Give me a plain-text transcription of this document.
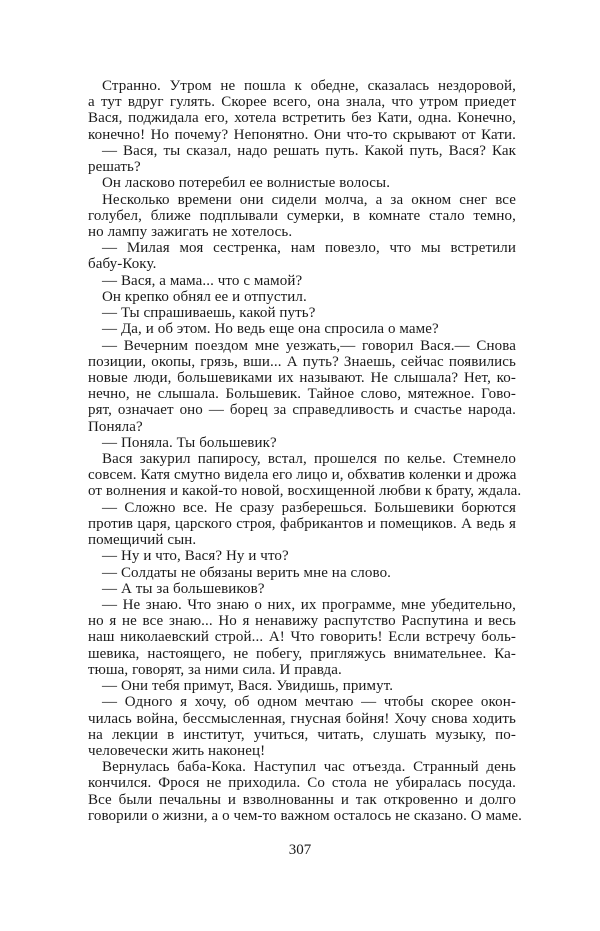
Странно. Утром не пошла к обедне, сказалась нездоровой,
а тут вдруг гулять. Скорее всего, она знала, что утром приедет
Вася, поджидала его, хотела встретить без Кати, одна. Конечно,
конечно! Но почему? Непонятно. Они что-то скрывают от Кати.
— Вася, ты сказал, надо решать путь. Какой путь, Вася? Как
решать?
Он ласково потеребил ее волнистые волосы.
Несколько времени они сидели молча, а за окном снег все
голубел, ближе подплывали сумерки, в комнате стало темно,
но лампу зажигать не хотелось.
— Милая моя сестренка, нам повезло, что мы встретили
бабу-Коку.
— Вася, а мама... что с мамой?
Он крепко обнял ее и отпустил.
— Ты спрашиваешь, какой путь?
— Да, и об этом. Но ведь еще она спросила о маме?
— Вечерним поездом мне уезжать,— говорил Вася.— Снова
позиции, окопы, грязь, вши... А путь? Знаешь, сейчас появились
новые люди, большевиками их называют. Не слышала? Нет, ко-
нечно, не слышала. Большевик. Тайное слово, мятежное. Гово-
рят, означает оно — борец за справедливость и счастье народа.
Поняла?
— Поняла. Ты большевик?
Вася закурил папиросу, встал, прошелся по келье. Стемнело
совсем. Катя смутно видела его лицо и, обхватив коленки и дрожа
от волнения и какой-то новой, восхищенной любви к брату, ждала.
— Сложно все. Не сразу разберешься. Большевики борются
против царя, царского строя, фабрикантов и помещиков. А ведь я
помещичий сын.
— Ну и что, Вася? Ну и что?
— Солдаты не обязаны верить мне на слово.
— А ты за большевиков?
— Не знаю. Что знаю о них, их программе, мне убедительно,
но я не все знаю... Но я ненавижу распутство Распутина и весь
наш николаевский строй... А! Что говорить! Если встречу боль-
шевика, настоящего, не побегу, пригляжусь внимательнее. Ка-
тюша, говорят, за ними сила. И правда.
— Они тебя примут, Вася. Увидишь, примут.
— Одного я хочу, об одном мечтаю — чтобы скорее окон-
чилась война, бессмысленная, гнусная бойня! Хочу снова ходить
на лекции в институт, учиться, читать, слушать музыку, по-
человечески жить наконец!
Вернулась баба-Кока. Наступил час отъезда. Странный день
кончился. Фрося не приходила. Со стола не убиралась посуда.
Все были печальны и взволнованны и так откровенно и долго
говорили о жизни, а о чем-то важном осталось не сказано. О маме.
307
